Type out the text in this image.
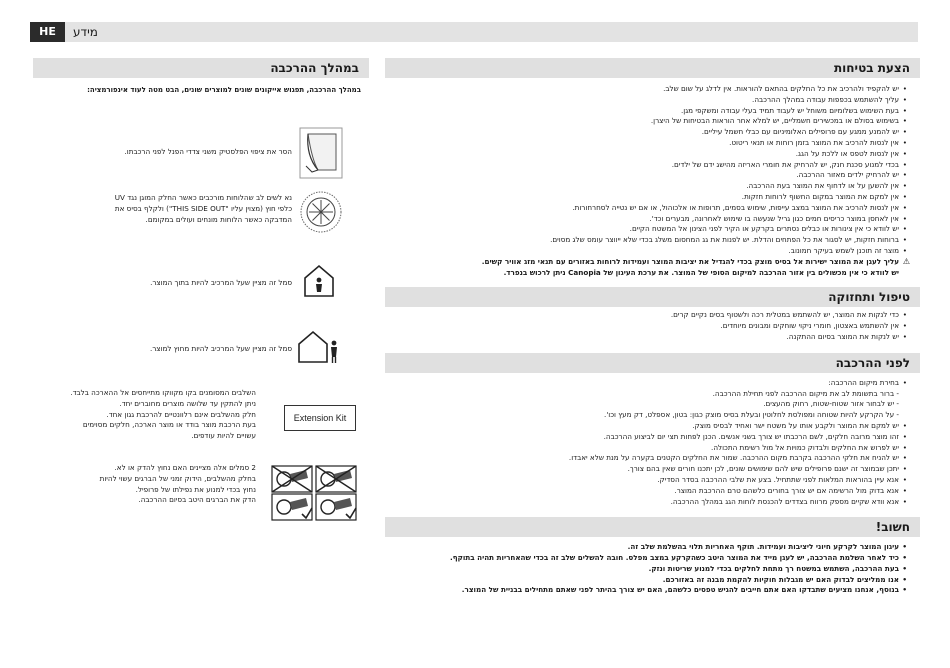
HE	מידע
הצעת בטיחות
• יש להקפיד ולהרכיב את כל החלקים בהתאם להוראות. אין לדלג על שום שלב.
• עליך להשתמש בכפפות עבודה במהלך ההרכבה.
• בעת השימוש בשלומיום משוחל יש לעבוד תמיד בעלי עבודה ומשקפי מגן.
• בשימוש בסולם או במכשירים חשמליים, יש למלא אחר הוראות הבטיחות של היצרן.
• יש להמנע ממגע עם פרופילים האלומיניום עם כבלי חשמל עיליים.
• אין לנסות להרכיב את המוצר בזמן רוחות או תנאי ריטוט.
• אין לנסות לטפס או ללכת על הגג.
• בכדי למנוע סכנת חנק, יש להרחיק את חומרי האריזה מהישג ידם של ילדים.
• יש להרחיק ילדים מאזור ההרכבה.
• אין להשען על או לדחוף את המוצר בעת ההרכבה.
• אין למקם את המוצר במקום החשוף לרוחות חזקות.
• אין לנסות להרכיב את המוצר במצב עייפות, שימוש בסמים, תרופות או אלכוהול, או אם יש נטייה לסחרחורות.
• אין לאחסן במוצר כריסים חמים כגון גריל שנעשה בו שימוש לאחרונה, מבערים וכד'.
• יש לוודא כי אין צינורות או כבלים נסתרים בקרקע או הקיר לפני הצינון אל המשטח הקיים.
• ברוחות חזקות, יש לסגור את כל הפתחים והדלת. יש לפנות את גג המחסום משלג בכדי שלא ייווצר עומס שלג מסוים.
• מוצר זה תוכנן לשמש בעיקר חמונוב.
⚠
עליך לעגן את המוצר ישירות אל בסיס מוצק בכדי להגדיל את יציבות המוצר ועמידות לרוחות באזורים עם תנאי מזג אוויר קשים.
יש לוודא כי אין מכשולים בין אזור ההרכבה למיקום הסופי של המוצר. את ערכת העיגון של Canopia ניתן לרכוש בנפרד.
טיפול ותחזוקה
• כדי לנקות את המוצר, יש להשתמש במטלית רכה ולשטוף בסים נקיים קרים.
• אין להשתמש באצטון, חומרי ניקוי שוחקים ומבונים מיוחדים.
• יש לנקות את המוצר בסיום ההתקנה.
לפני ההרכבה
• בחירת מיקום ההרכבה:
- ברור בתשומת לב את מיקום ההרכבה לפני תחילת ההרכבה.
- יש לבחור אזור שטוח-שטוח, רחוק מהעצים.
- על הקרקע להיות שטוחה ומפולסת לחלוטין ובעלת בסיס מוצק כגון: בטון, אספלט, דק מעץ וכו'.
• יש למקם את המוצר ולקבע אותו על משטח ישר ואחיד לבסיס מוצק.
• זהו מוצר מרובה חלקים, לשם הרכבתו יש צורך בשני אנשים. הכנן לפחות תצי יום לביצוע ההרכבה.
• יש לפרוש את החלקים ולבדוק כמויות אל מול רשימת התכולה.
• יש להניח את חלקי ההרכבה בקרבת מקום ההרכבה. שמור את החלקים הקטנים בקערה על מנת שלא יאבדו.
• יתכן שבמוצר זה ישנם פרופילים שיש להם שימושים שונים, לכן יתכנו חורים שאין בהם צורך.
• אנא עיין בהוראות המלאות לפני שתתחיל. בצע את שלבי ההרכבה בסדר הסדיק.
• אנא בדוק מול הרשימה אם יש צורך בחורים כלשהם טרם ההרכבת המוצר.
• אנא וודא שקיים מספק מרווח בצדדים להכנסת לוחות הגג במהלך ההרכבה.
חשוב!
• עיגון המוצר לקרקע חיוני ליציבות ועמידות. תוקף האחריות תלוי בהשלמת שלב זה.
• כיד לאחר השלמת ההרכבה, יש לעגן מייד את המוצר היטב כשהקרקע במצב מפלס. חובה להשלים שלב זה בכדי שהאחריות תהיה בתוקף.
• בעת ההרכבה, השתמש במשטח רך מתחת לחלקים בכדי למנוע שריטות ונזק.
• אנו ממליצים לבדוק האם יש מגבלות חוקיות להקמת מבנה זה באזורכם.
• בנוסף, אנחנו מציעים שתבדקו האם אתם חייבים להגיש טפסים כלשהם, האם יש צורך בהיתר לפני שאתם מתחילים בבניית של המוצר.
במהלך ההרכבה
במהלך ההרכבה, תפגוש אייקונים שונים למוצרים שונים, הבט מטה לעוד אינפורמציה:
הסר את ציפוי הפלסטיק משני צדדי הפנל לפני הרכבתו.
נא לשים לב שהלוחות מורכבים כאשר החלק המוגן נגד UV
כלפי חוץ (מצוין עליו "THIS SIDE OUT") ולקלף בסיס את
המדבקה כאשר הלוחות מונחים ועולים במקומם.
סמל זה מציין שעל המרכיב להיות בתוך המוצר.
סמל זה מציין שעל המרכיב להיות מחוץ למוצר.
Extension Kit
השלבים המסומנים בקו מקווקו מתייחסים אל ההארכה בלבד.
ניתן להתקין עד שלושה מוצרים מחוברים יחד.
חלק מהשלבים אינם רלוונטיים להרכבת גגון אחד.
בעת הרכבת מוצר בודד או מוצר הארכה, חלקים מסוימים
עשויים להיות עודפים.
2 סמלים אלה מציינים האם נחוץ להדק או לא.
בחלק מהשלבים, הידוק זמני של הברגים עשוי להיות
נחוץ בכדי למנוע את נפילתו של פרופיל.
הדק את הברגים היטב בסיום ההרכבה.
